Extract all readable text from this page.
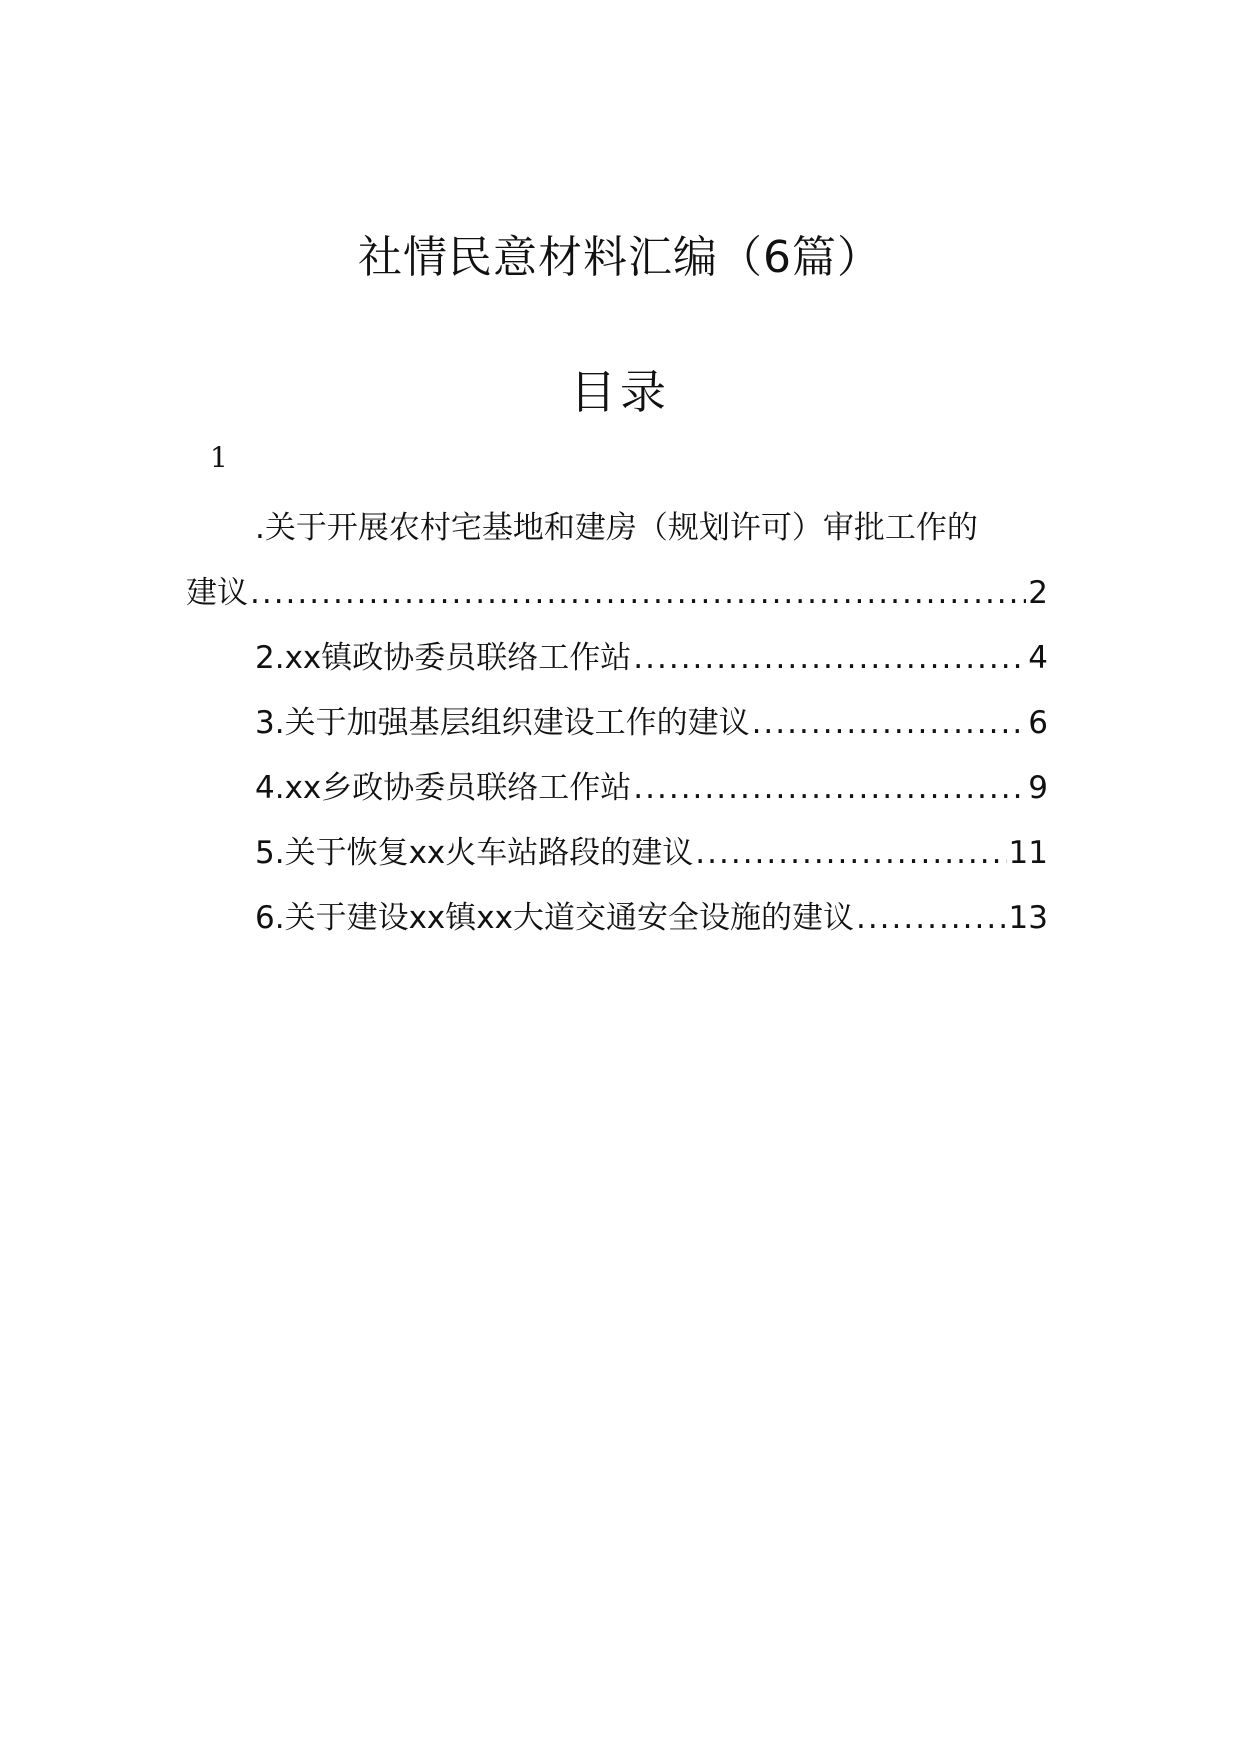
社情民意材料汇编（6篇）
目录
1
.关于开展农村宅基地和建房（规划许可）审批工作的
建议 .....	2
2.xx镇政协委员联络工作站 .....	4
3.关于加强基层组织建设工作的建议 .....	6
4.xx乡政协委员联络工作站 .....	9
5.关于恢复xx火车站路段的建议 .....	11
6.关于建设xx镇xx大道交通安全设施的建议 .....	13
